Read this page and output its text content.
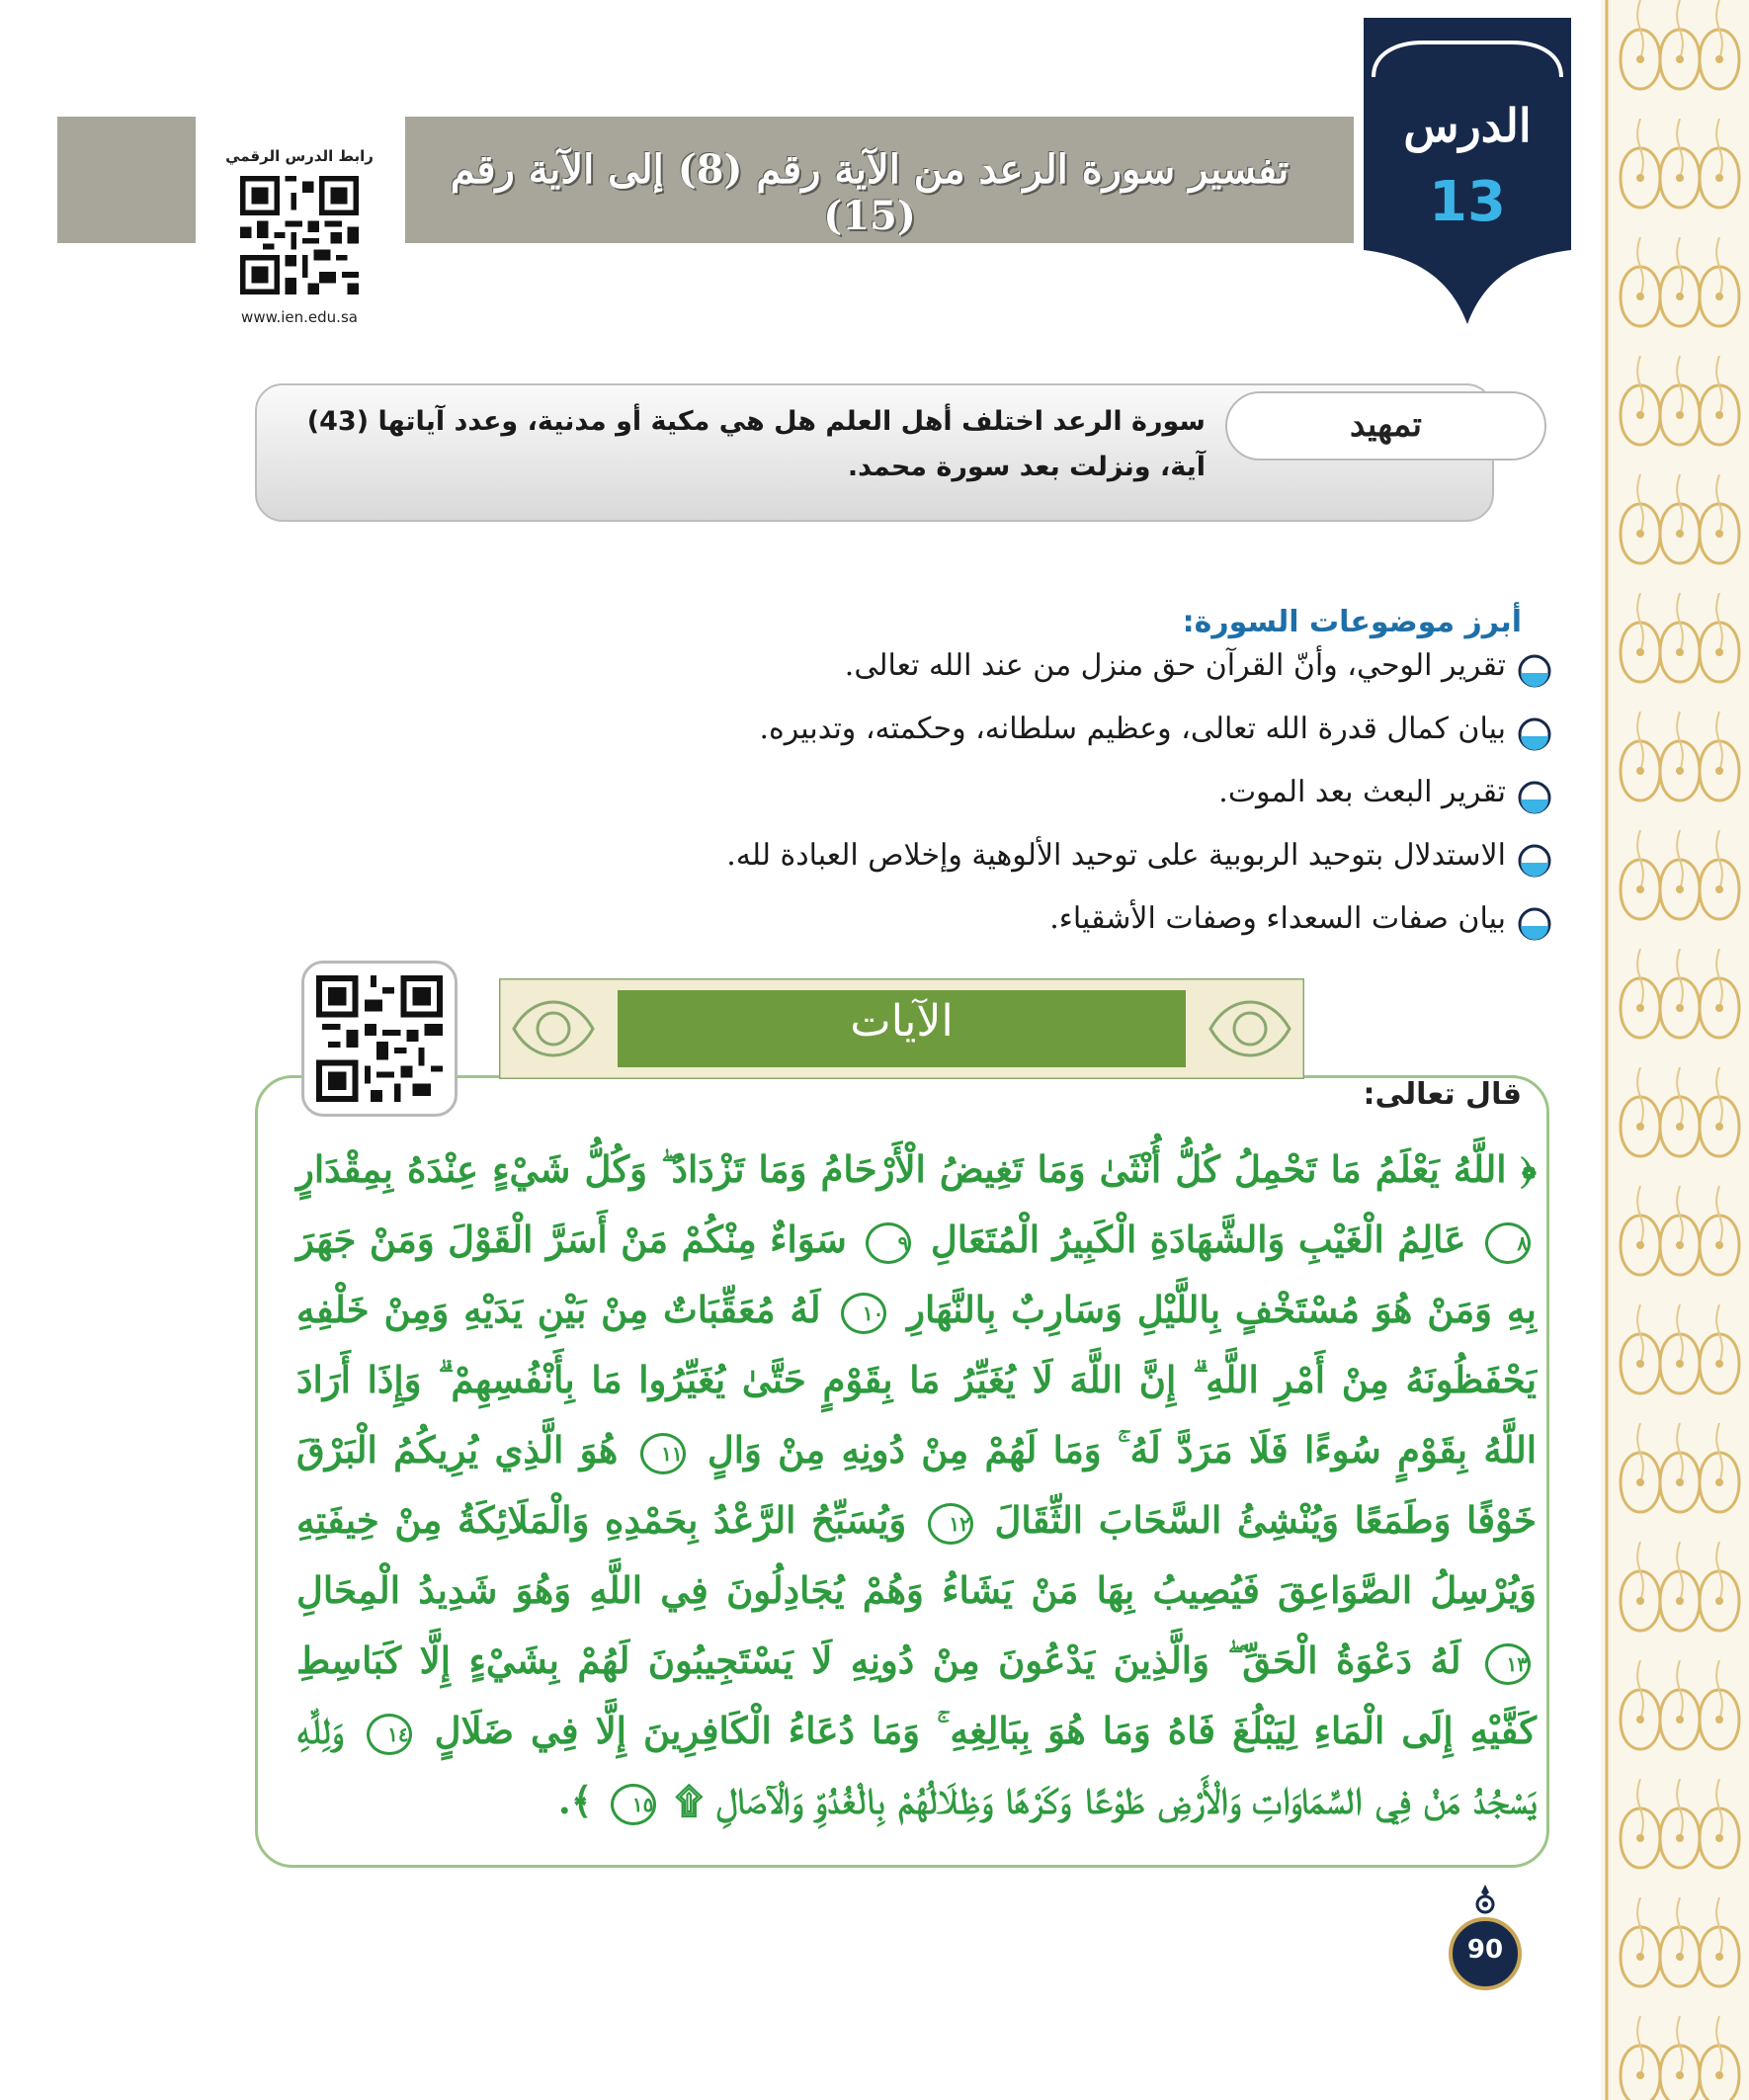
تفسير سورة الرعد من الآية رقم (8) إلى الآية رقم (15)
الدرس
13
رابط الدرس الرقمي
www.ien.edu.sa
تمهيد
سورة الرعد اختلف أهل العلم هل هي مكية أو مدنية، وعدد آياتها (43) آية، ونزلت بعد سورة محمد.
أبرز موضوعات السورة:
تقرير الوحي، وأنّ القرآن حق منزل من عند الله تعالى.
بيان كمال قدرة الله تعالى، وعظيم سلطانه، وحكمته، وتدبيره.
تقرير البعث بعد الموت.
الاستدلال بتوحيد الربوبية على توحيد الألوهية وإخلاص العبادة لله.
بيان صفات السعداء وصفات الأشقياء.
الآيات
قال تعالى:
﴿ اللَّهُ يَعْلَمُ مَا تَحْمِلُ كُلُّ أُنْثَىٰ وَمَا تَغِيضُ الْأَرْحَامُ وَمَا تَزْدَادُ ۖ وَكُلُّ شَيْءٍ عِنْدَهُ بِمِقْدَارٍ ٨ عَالِمُ الْغَيْبِ وَالشَّهَادَةِ الْكَبِيرُ الْمُتَعَالِ ٩ سَوَاءٌ مِنْكُمْ مَنْ أَسَرَّ الْقَوْلَ وَمَنْ جَهَرَ بِهِ وَمَنْ هُوَ مُسْتَخْفٍ بِاللَّيْلِ وَسَارِبٌ بِالنَّهَارِ ١٠ لَهُ مُعَقِّبَاتٌ مِنْ بَيْنِ يَدَيْهِ وَمِنْ خَلْفِهِ يَحْفَظُونَهُ مِنْ أَمْرِ اللَّهِ ۗ إِنَّ اللَّهَ لَا يُغَيِّرُ مَا بِقَوْمٍ حَتَّىٰ يُغَيِّرُوا مَا بِأَنْفُسِهِمْ ۗ وَإِذَا أَرَادَ اللَّهُ بِقَوْمٍ سُوءًا فَلَا مَرَدَّ لَهُ ۚ وَمَا لَهُمْ مِنْ دُونِهِ مِنْ وَالٍ ١١ هُوَ الَّذِي يُرِيكُمُ الْبَرْقَ خَوْفًا وَطَمَعًا وَيُنْشِئُ السَّحَابَ الثِّقَالَ ١٢ وَيُسَبِّحُ الرَّعْدُ بِحَمْدِهِ وَالْمَلَائِكَةُ مِنْ خِيفَتِهِ وَيُرْسِلُ الصَّوَاعِقَ فَيُصِيبُ بِهَا مَنْ يَشَاءُ وَهُمْ يُجَادِلُونَ فِي اللَّهِ وَهُوَ شَدِيدُ الْمِحَالِ ١٣ لَهُ دَعْوَةُ الْحَقِّ ۖ وَالَّذِينَ يَدْعُونَ مِنْ دُونِهِ لَا يَسْتَجِيبُونَ لَهُمْ بِشَيْءٍ إِلَّا كَبَاسِطِ كَفَّيْهِ إِلَى الْمَاءِ لِيَبْلُغَ فَاهُ وَمَا هُوَ بِبَالِغِهِ ۚ وَمَا دُعَاءُ الْكَافِرِينَ إِلَّا فِي ضَلَالٍ ١٤ وَلِلَّهِ يَسْجُدُ مَنْ فِي السَّمَاوَاتِ وَالْأَرْضِ طَوْعًا وَكَرْهًا وَظِلَالُهُمْ بِالْغُدُوِّ وَالْآصَالِ ۩ ١٥ ﴾.
90
